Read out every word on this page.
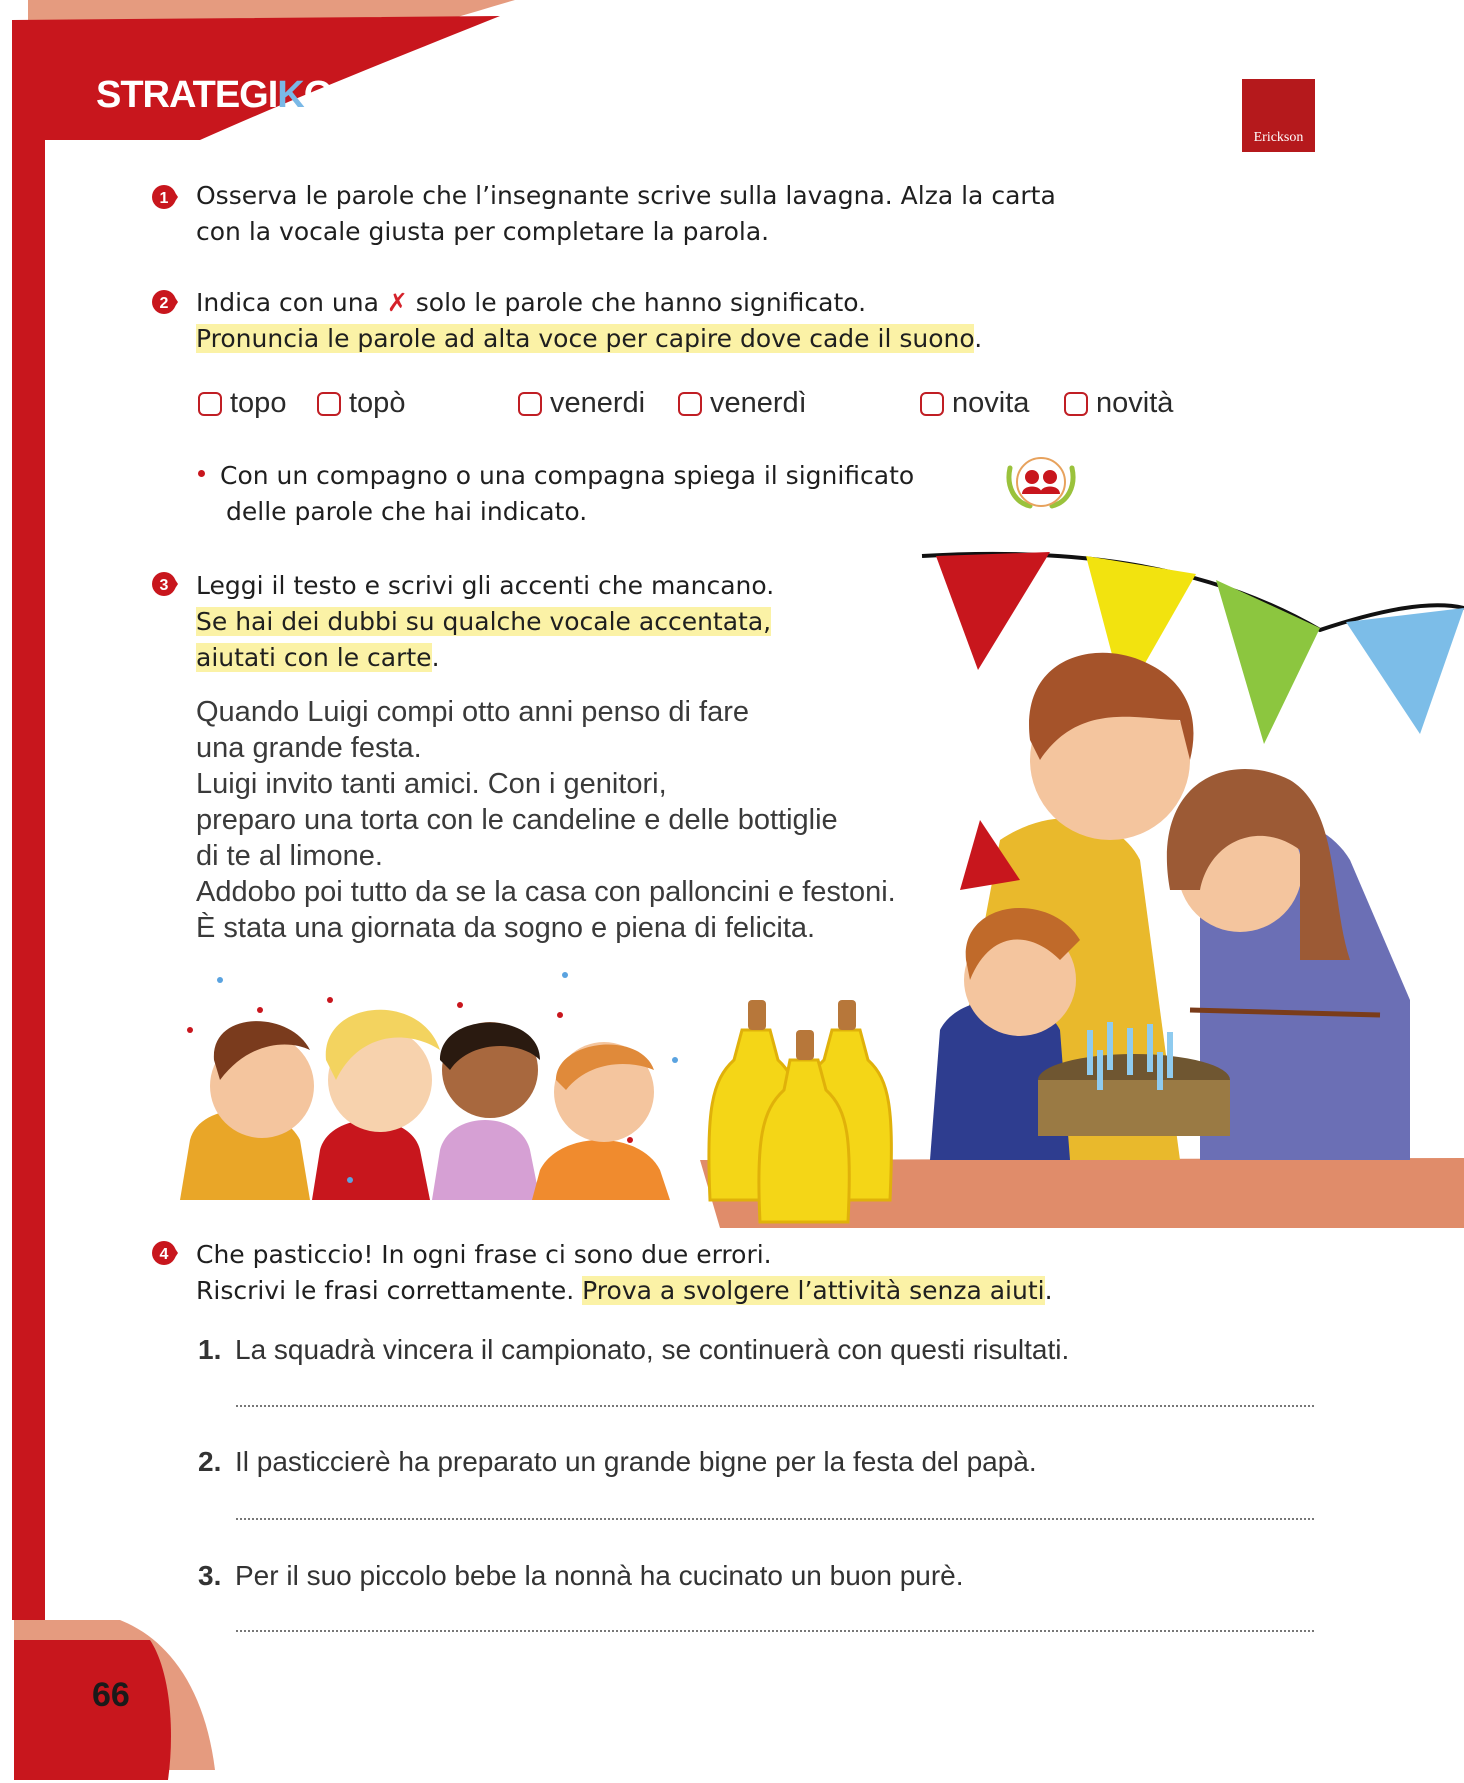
STRATEGIKO
Erickson
1 Osserva le parole che l’insegnante scrive sulla lavagna. Alza la carta
con la vocale giusta per completare la parola.
2 Indica con una ✗ solo le parole che hanno significato.
Pronuncia le parole ad alta voce per capire dove cade il suono.
topo topò	venerdi venerdì	novita novità
Con un compagno o una compagna spiega il significato
delle parole che hai indicato.
3 Leggi il testo e scrivi gli accenti che mancano.
Se hai dei dubbi su qualche vocale accentata,
aiutati con le carte.
Quando Luigi compi otto anni penso di fare
una grande festa.
Luigi invito tanti amici. Con i genitori,
preparo una torta con le candeline e delle bottiglie
di te al limone.
Addobo poi tutto da se la casa con palloncini e festoni.
È stata una giornata da sogno e piena di felicita.
4 Che pasticcio! In ogni frase ci sono due errori.
Riscrivi le frasi correttamente. Prova a svolgere l’attività senza aiuti.
1. La squadrà vincera il campionato, se continuerà con questi risultati.
2. Il pasticcierè ha preparato un grande bigne per la festa del papà.
3. Per il suo piccolo bebe la nonnà ha cucinato un buon purè.
66
